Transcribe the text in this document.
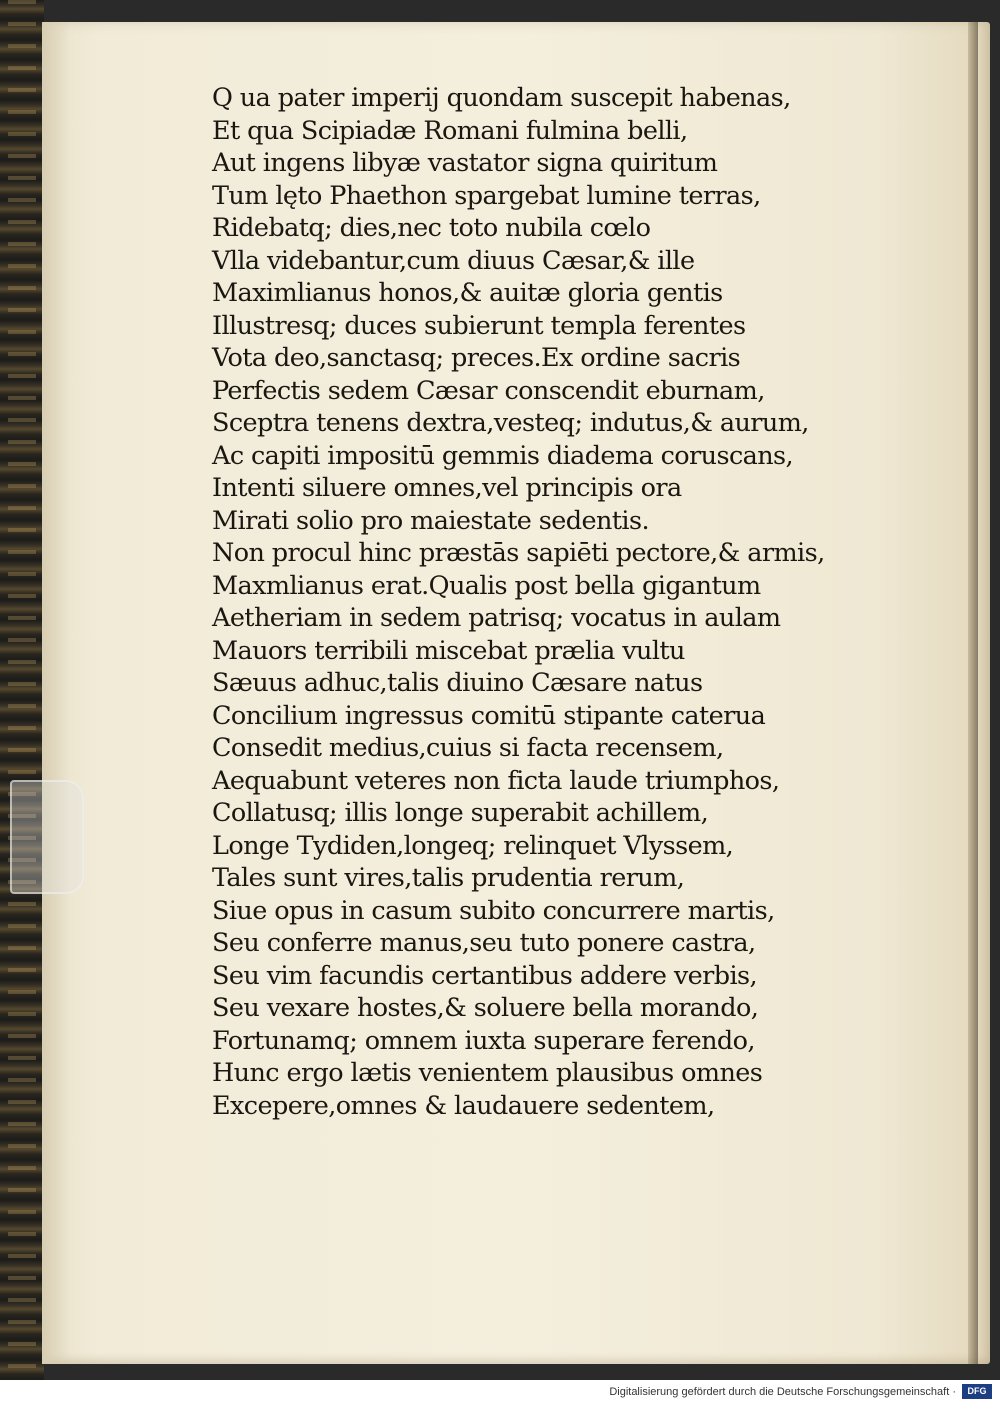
Q ua pater imperij quondam suscepit habenas,
Et qua Scipiadæ Romani fulmina belli,
Aut ingens libyæ vastator signa quiritum
Tum lęto Phaethon spargebat lumine terras,
Ridebatq; dies,nec toto nubila cœlo
Vlla videbantur,cum diuus Cæsar,& ille
Maximlianus honos,& auitæ gloria gentis
Illustresq; duces subierunt templa ferentes
Vota deo,sanctasq; preces.Ex ordine sacris
Perfectis sedem Cæsar conscendit eburnam,
Sceptra tenens dextra,vesteq; indutus,& aurum,
Ac capiti impositū gemmis diadema coruscans,
Intenti siluere omnes,vel principis ora
Mirati solio pro maiestate sedentis.
Non procul hinc præstās sapiēti pectore,& armis,
Maxmlianus erat.Qualis post bella gigantum
Aetheriam in sedem patrisq; vocatus in aulam
Mauors terribili miscebat prælia vultu
Sæuus adhuc,talis diuino Cæsare natus
Concilium ingressus comitū stipante caterua
Consedit medius,cuius si facta recensem,
Aequabunt veteres non ficta laude triumphos,
Collatusq; illis longe superabit achillem,
Longe Tydiden,longeq; relinquet Vlyssem,
Tales sunt vires,talis prudentia rerum,
Siue opus in casum subito concurrere martis,
Seu conferre manus,seu tuto ponere castra,
Seu vim facundis certantibus addere verbis,
Seu vexare hostes,& soluere bella morando,
Fortunamq; omnem iuxta superare ferendo,
Hunc ergo lætis venientem plausibus omnes
Excepere,omnes & laudauere sedentem,
Digitalisierung gefördert durch die Deutsche Forschungsgemeinschaft ·	DFG
